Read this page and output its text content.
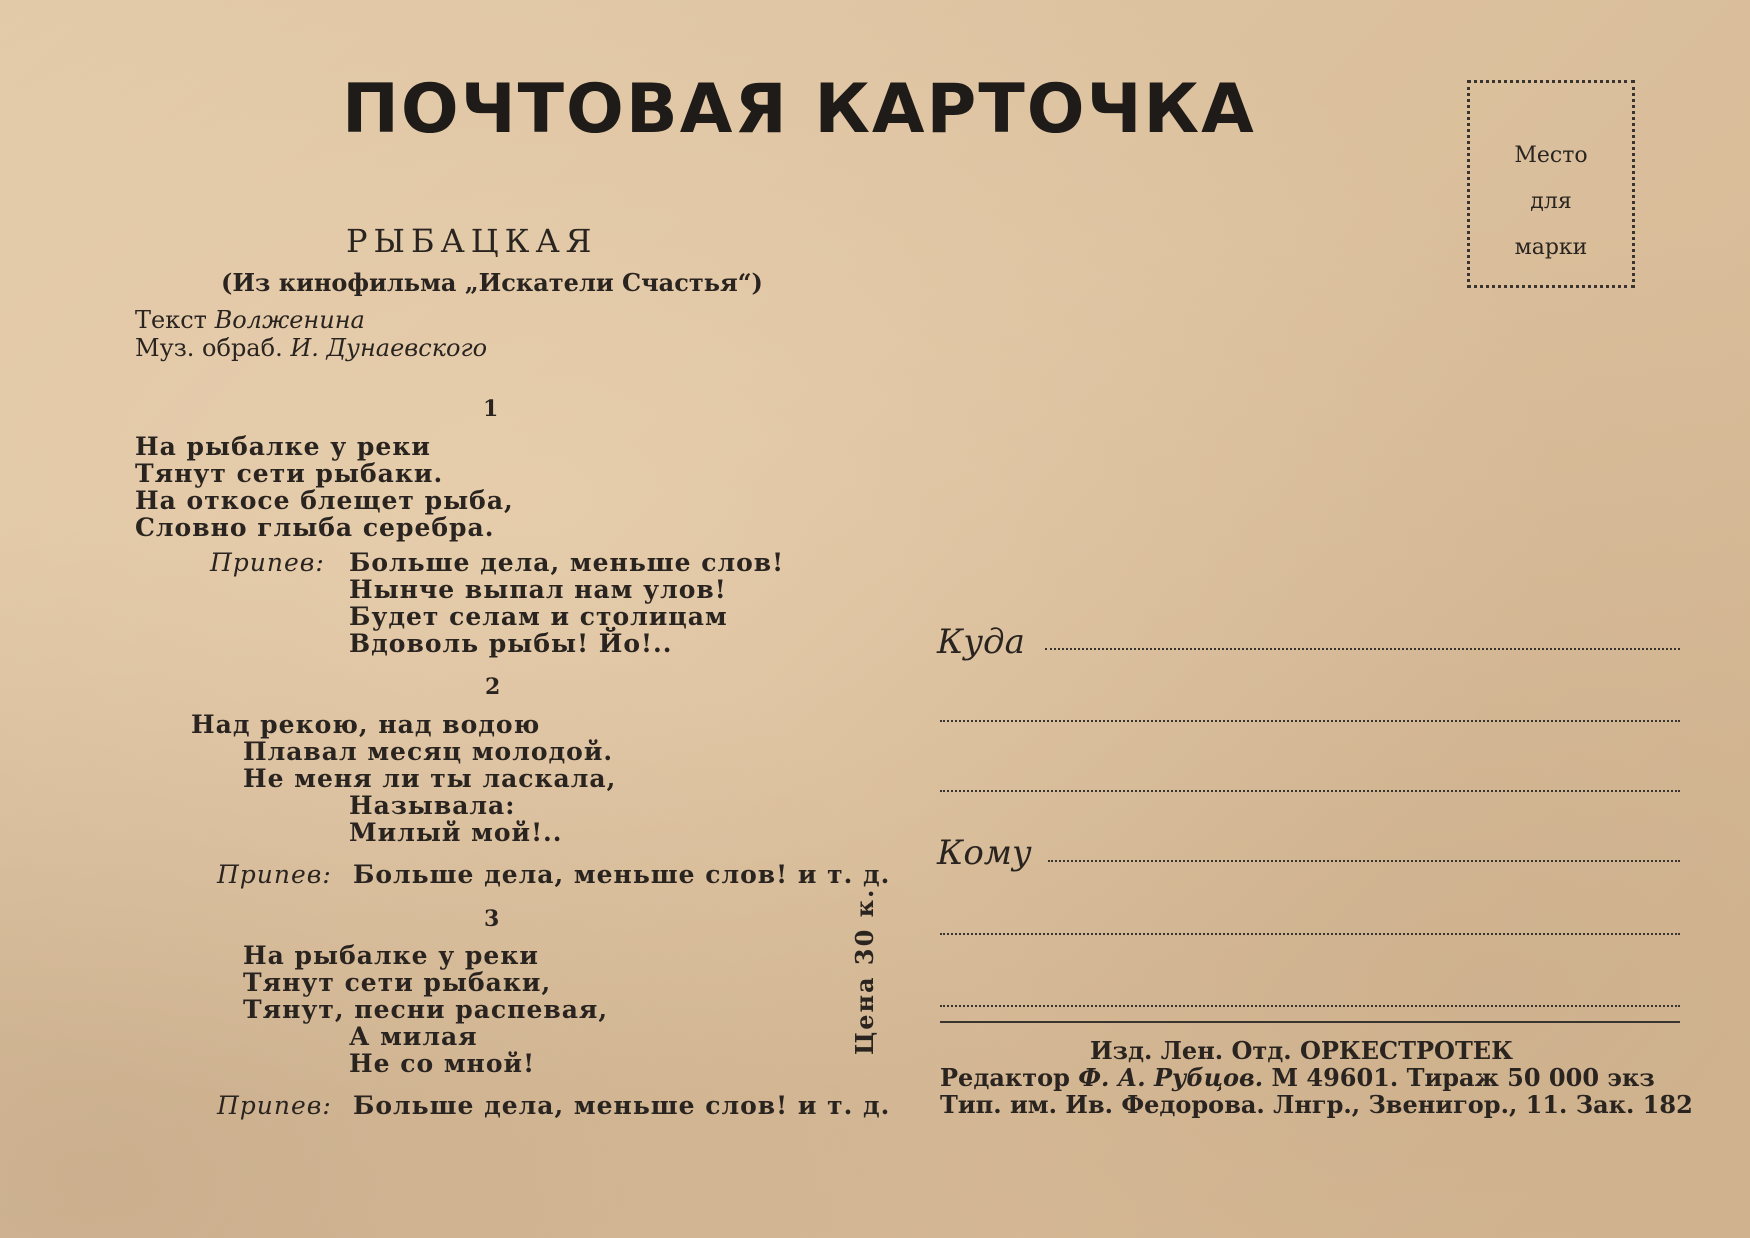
ПОЧТОВАЯ КАРТОЧКА
Место
для
марки
РЫБАЦКАЯ
(Из кинофильма „Искатели Счастья“)
Текст Волженина
Муз. обраб. И. Дунаевского
1
На рыбалке у реки
Тянут сети рыбаки.
На откосе блещет рыба,
Словно глыба серебра.
Припев: Больше дела, меньше слов!
Нынче выпал нам улов!
Будет селам и столицам
Вдоволь рыбы! Йо!..
2
Над рекою, над водою
Плавал месяц молодой.
Не меня ли ты ласкала,
Называла:
Милый мой!..
Припев: Больше дела, меньше слов! и т. д.
3
На рыбалке у реки
Тянут сети рыбаки,
Тянут, песни распевая,
А милая
Не со мной!
Припев: Больше дела, меньше слов! и т. д.
Цена 30 к.
Куда
Кому
Изд. Лен. Отд. ОРКЕСТРОТЕК
Редактор Ф. А. Рубцов. М 49601. Тираж 50 000 экз
Тип. им. Ив. Федорова. Лнгр., Звенигор., 11. Зак. 182
